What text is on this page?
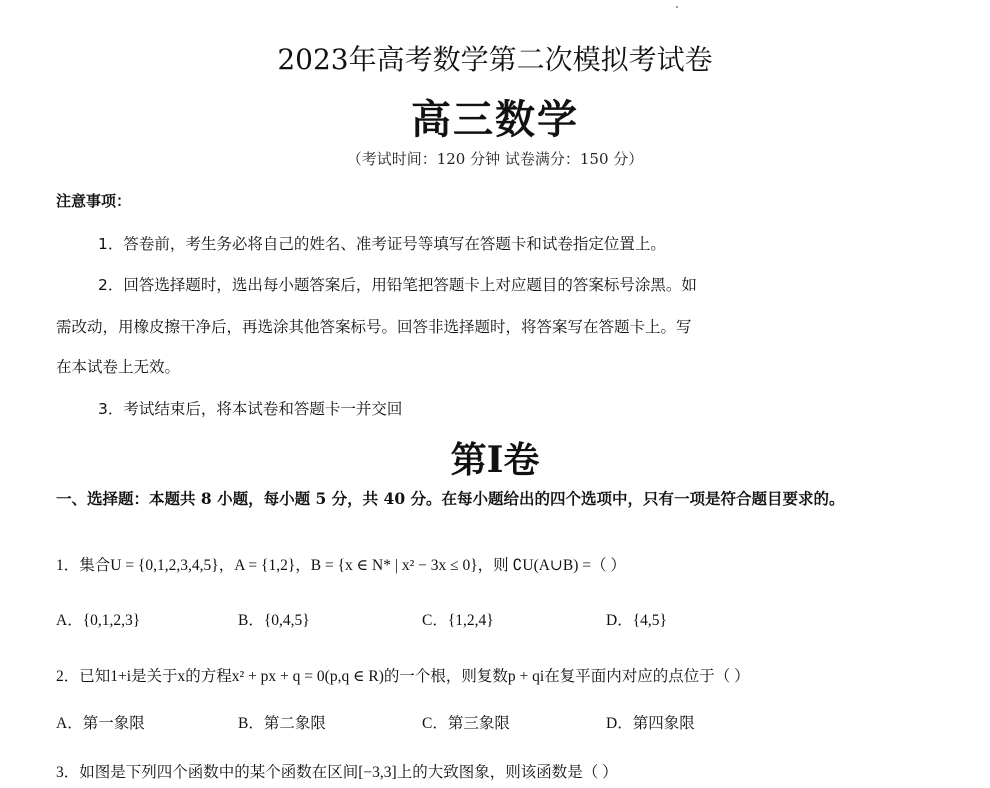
2023年高考数学第二次模拟考试卷
高三数学
（考试时间：120 分钟 试卷满分：150 分）
注意事项：
1．答卷前，考生务必将自己的姓名、准考证号等填写在答题卡和试卷指定位置上。
2．回答选择题时，选出每小题答案后，用铅笔把答题卡上对应题目的答案标号涂黑。如
需改动，用橡皮擦干净后，再选涂其他答案标号。回答非选择题时，将答案写在答题卡上。写
在本试卷上无效。
3．考试结束后，将本试卷和答题卡一并交回
第I卷
一、选择题：本题共 8 小题，每小题 5 分，共 40 分。在每小题给出的四个选项中，只有一项是符合题目要求的。
1．集合U = {0,1,2,3,4,5}，A = {1,2}，B = {x ∈ N* | x² − 3x ≤ 0}，则 ∁U(A∪B) =（ ）
A．{0,1,2,3}	B．{0,4,5}	C．{1,2,4}	D．{4,5}
2．已知1+i是关于x的方程x² + px + q = 0(p,q ∈ R)的一个根，则复数p + qi在复平面内对应的点位于（ ）
A．第一象限	B．第二象限	C．第三象限	D．第四象限
3．如图是下列四个函数中的某个函数在区间[−3,3]上的大致图象，则该函数是（ ）
